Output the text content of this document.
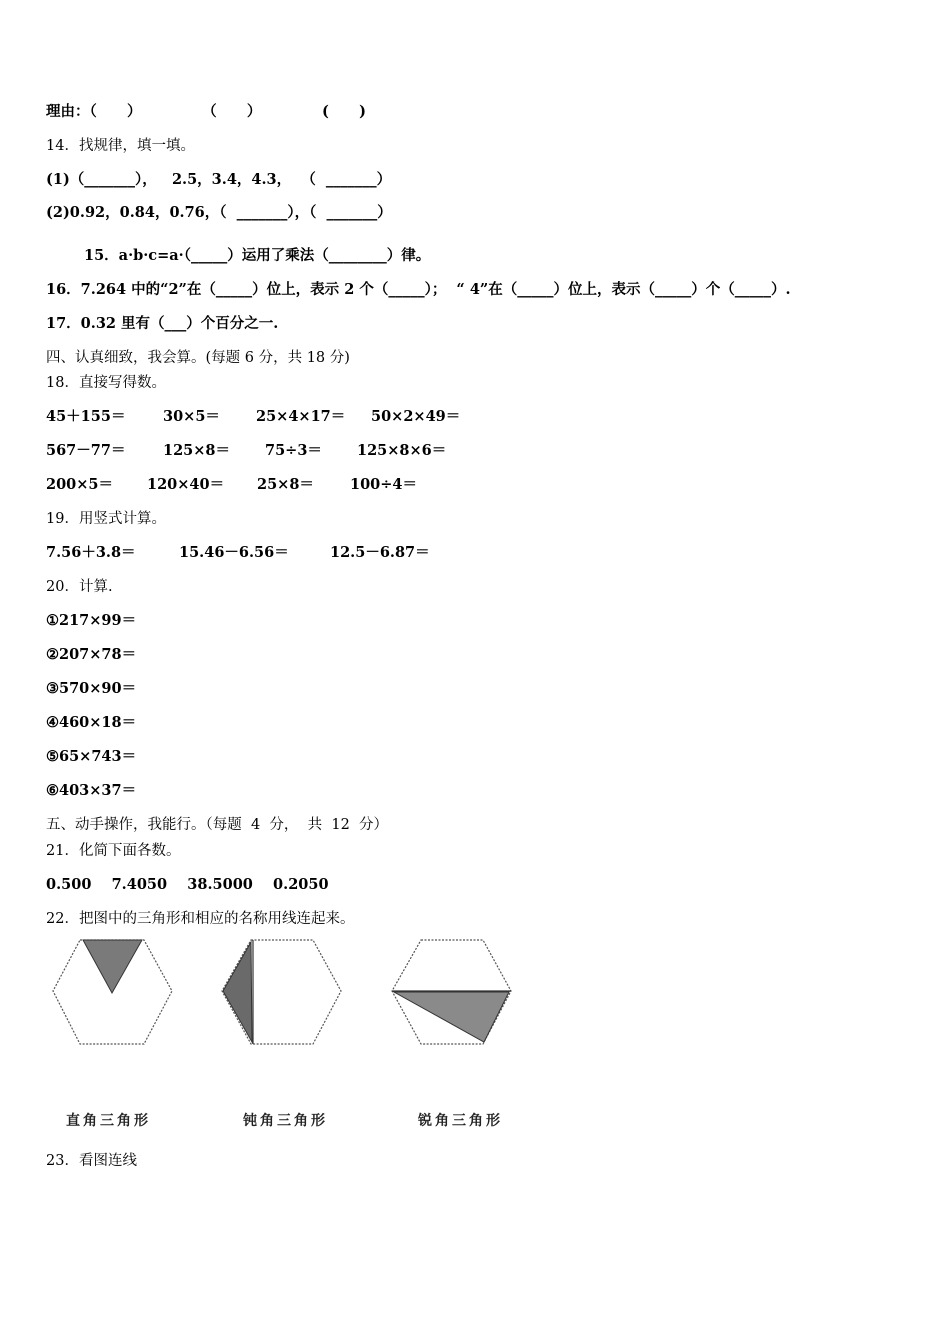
理由：（      ）            （      ）            (      )
14．找规律，填一填。
(1)（_______），   2.5，3.4，4.3，  （  _______）
(2)0.92，0.84，0.76，（  _______），（  _______）
15．a·b·c=a·（_____）运用了乘法（________）律。
16．7.264 中的“2”在（_____）位上，表示 2 个（_____）；  “ 4”在（_____）位上，表示（_____）个（_____）.
17．0.32 里有（___）个百分之一.
四、认真细致，我会算。(每题 6 分，共 18 分)
18．直接写得数。
45＋155＝	30×5＝ 25×4×17＝ 50×2×49＝
567－77＝	125×8＝ 75÷3＝ 125×8×6＝
200×5＝ 120×40＝ 25×8＝ 100÷4＝
19．用竖式计算。
7.56＋3.8＝	15.46－6.56＝	12.5－6.87＝
20．计算.
①217×99＝
②207×78＝
③570×90＝
④460×18＝
⑤65×743＝
⑥403×37＝
五、动手操作，我能行。（每题  4  分，  共  12  分）
21．化简下面各数。
0.500    7.4050    38.5000    0.2050
22．把图中的三角形和相应的名称用线连起来。
直角三角形	钝角三角形	锐角三角形
23．看图连线
